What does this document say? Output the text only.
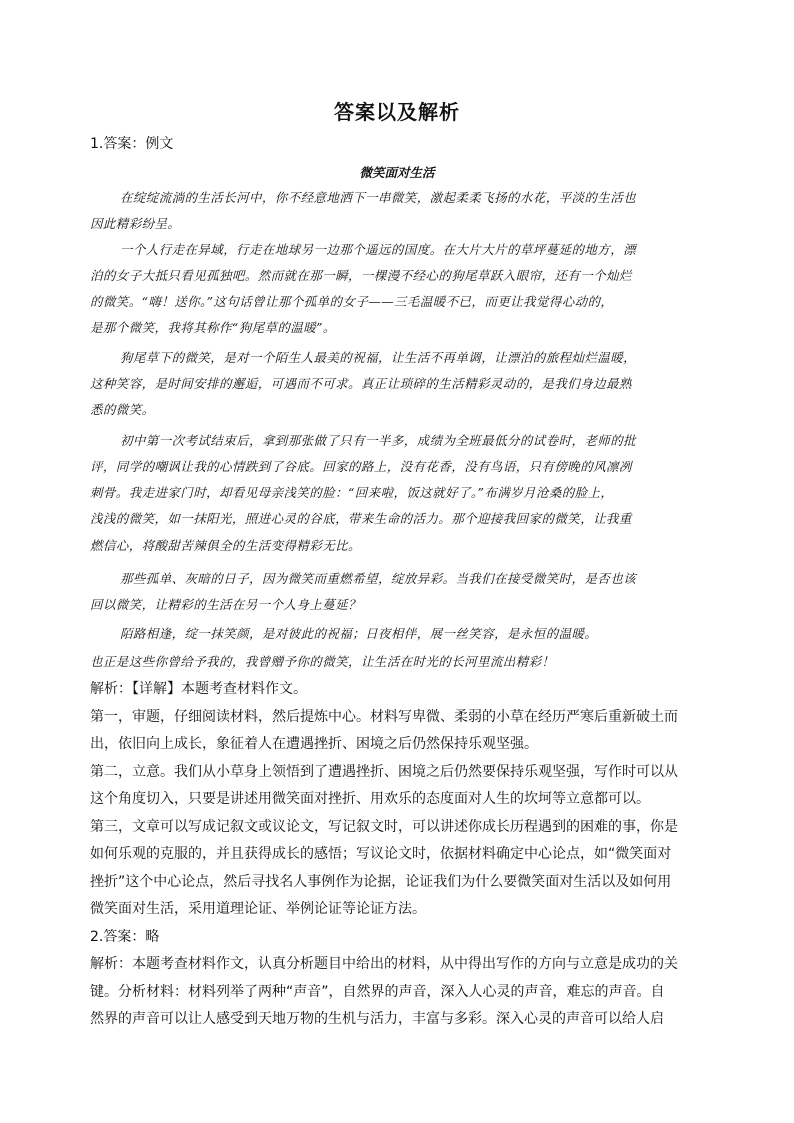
答案以及解析
1.答案：例文
微笑面对生活
在绽绽流淌的生活长河中，你不经意地洒下一串微笑，激起柔柔飞扬的水花，平淡的生活也
因此精彩纷呈。
一个人行走在异域，行走在地球另一边那个遥远的国度。在大片大片的草坪蔓延的地方，漂
泊的女子大抵只看见孤独吧。然而就在那一瞬，一棵漫不经心的狗尾草跃入眼帘，还有一个灿烂
的微笑。“嗨！送你。”这句话曾让那个孤单的女子——三毛温暖不已，而更让我觉得心动的，
是那个微笑，我将其称作“狗尾草的温暖”。
狗尾草下的微笑，是对一个陌生人最美的祝福，让生活不再单调，让漂泊的旅程灿烂温暖，
这种笑容，是时间安排的邂逅，可遇而不可求。真正让琐碎的生活精彩灵动的，是我们身边最熟
悉的微笑。
初中第一次考试结束后，拿到那张做了只有一半多，成绩为全班最低分的试卷时，老师的批
评，同学的嘲讽让我的心情跌到了谷底。回家的路上，没有花香，没有鸟语，只有傍晚的风凛冽
刺骨。我走进家门时，却看见母亲浅笑的脸：“回来啦，饭这就好了。”布满岁月沧桑的脸上，
浅浅的微笑，如一抹阳光，照进心灵的谷底，带来生命的活力。那个迎接我回家的微笑，让我重
燃信心，将酸甜苦辣俱全的生活变得精彩无比。
那些孤单、灰暗的日子，因为微笑而重燃希望，绽放异彩。当我们在接受微笑时，是否也该
回以微笑，让精彩的生活在另一个人身上蔓延？
陌路相逢，绽一抹笑颜，是对彼此的祝福；日夜相伴，展一丝笑容，是永恒的温暖。
也正是这些你曾给予我的，我曾赠予你的微笑，让生活在时光的长河里流出精彩！
解析：【详解】本题考查材料作文。
第一，审题，仔细阅读材料，然后提炼中心。材料写卑微、柔弱的小草在经历严寒后重新破土而
出，依旧向上成长，象征着人在遭遇挫折、困境之后仍然保持乐观坚强。
第二，立意。我们从小草身上领悟到了遭遇挫折、困境之后仍然要保持乐观坚强，写作时可以从
这个角度切入，只要是讲述用微笑面对挫折、用欢乐的态度面对人生的坎坷等立意都可以。
第三，文章可以写成记叙文或议论文，写记叙文时，可以讲述你成长历程遇到的困难的事，你是
如何乐观的克服的，并且获得成长的感悟；写议论文时，依据材料确定中心论点，如“微笑面对
挫折”这个中心论点，然后寻找名人事例作为论据，论证我们为什么要微笑面对生活以及如何用
微笑面对生活，采用道理论证、举例论证等论证方法。
2.答案：略
解析：本题考查材料作文，认真分析题目中给出的材料，从中得出写作的方向与立意是成功的关
键。分析材料：材料列举了两种“声音”，自然界的声音，深入人心灵的声音，难忘的声音。自
然界的声音可以让人感受到天地万物的生机与活力，丰富与多彩。深入心灵的声音可以给人启
